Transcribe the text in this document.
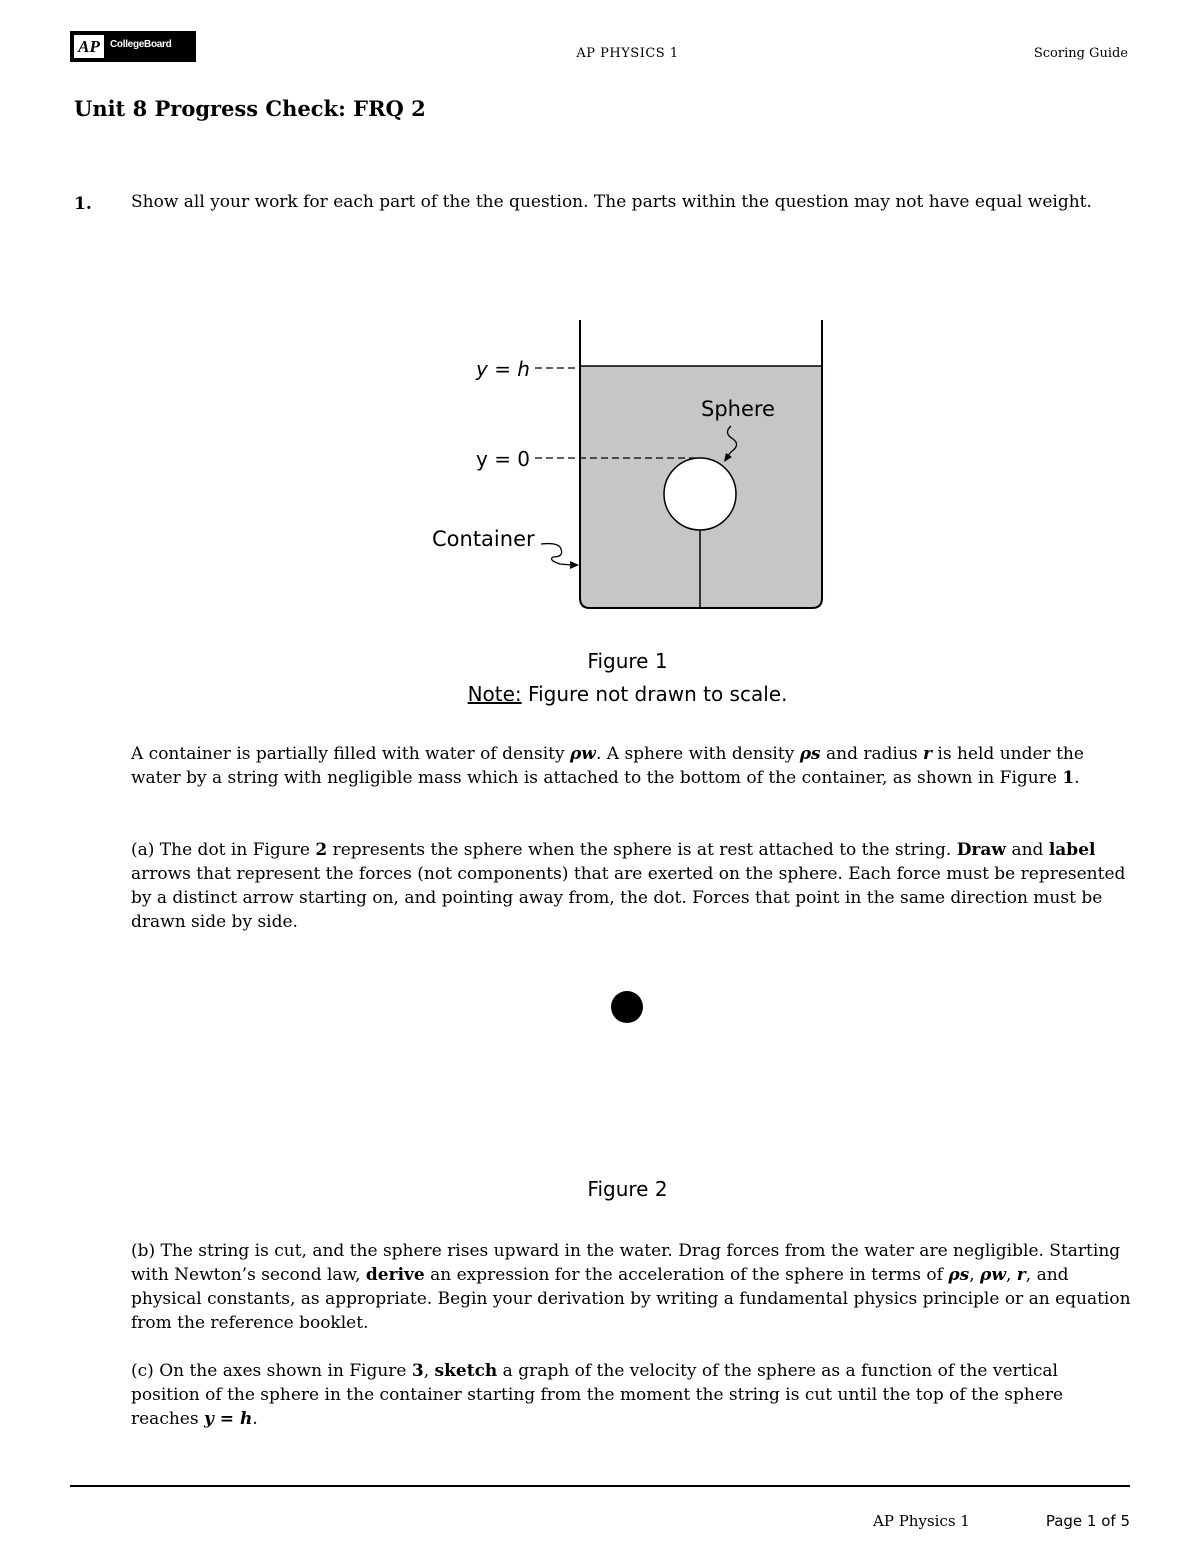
AP	CollegeBoard
AP PHYSICS 1	Scoring Guide
Unit 8 Progress Check: FRQ 2
1. Show all your work for each part of the the question. The parts within the question may not have equal weight.
y = h
y = 0
Sphere
Container
Figure 1
Note: Figure not drawn to scale.
A container is partially filled with water of density ρw. A sphere with density ρs and radius r is held under the water by a string with negligible mass which is attached to the bottom of the container, as shown in Figure 1.
(a) The dot in Figure 2 represents the sphere when the sphere is at rest attached to the string. Draw and label arrows that represent the forces (not components) that are exerted on the sphere. Each force must be represented by a distinct arrow starting on, and pointing away from, the dot. Forces that point in the same direction must be drawn side by side.
Figure 2
(b) The string is cut, and the sphere rises upward in the water. Drag forces from the water are negligible. Starting with Newton’s second law, derive an expression for the acceleration of the sphere in terms of ρs, ρw, r, and physical constants, as appropriate. Begin your derivation by writing a fundamental physics principle or an equation from the reference booklet.
(c) On the axes shown in Figure 3, sketch a graph of the velocity of the sphere as a function of the vertical position of the sphere in the container starting from the moment the string is cut until the top of the sphere reaches y = h.
AP Physics 1	Page 1 of 5
